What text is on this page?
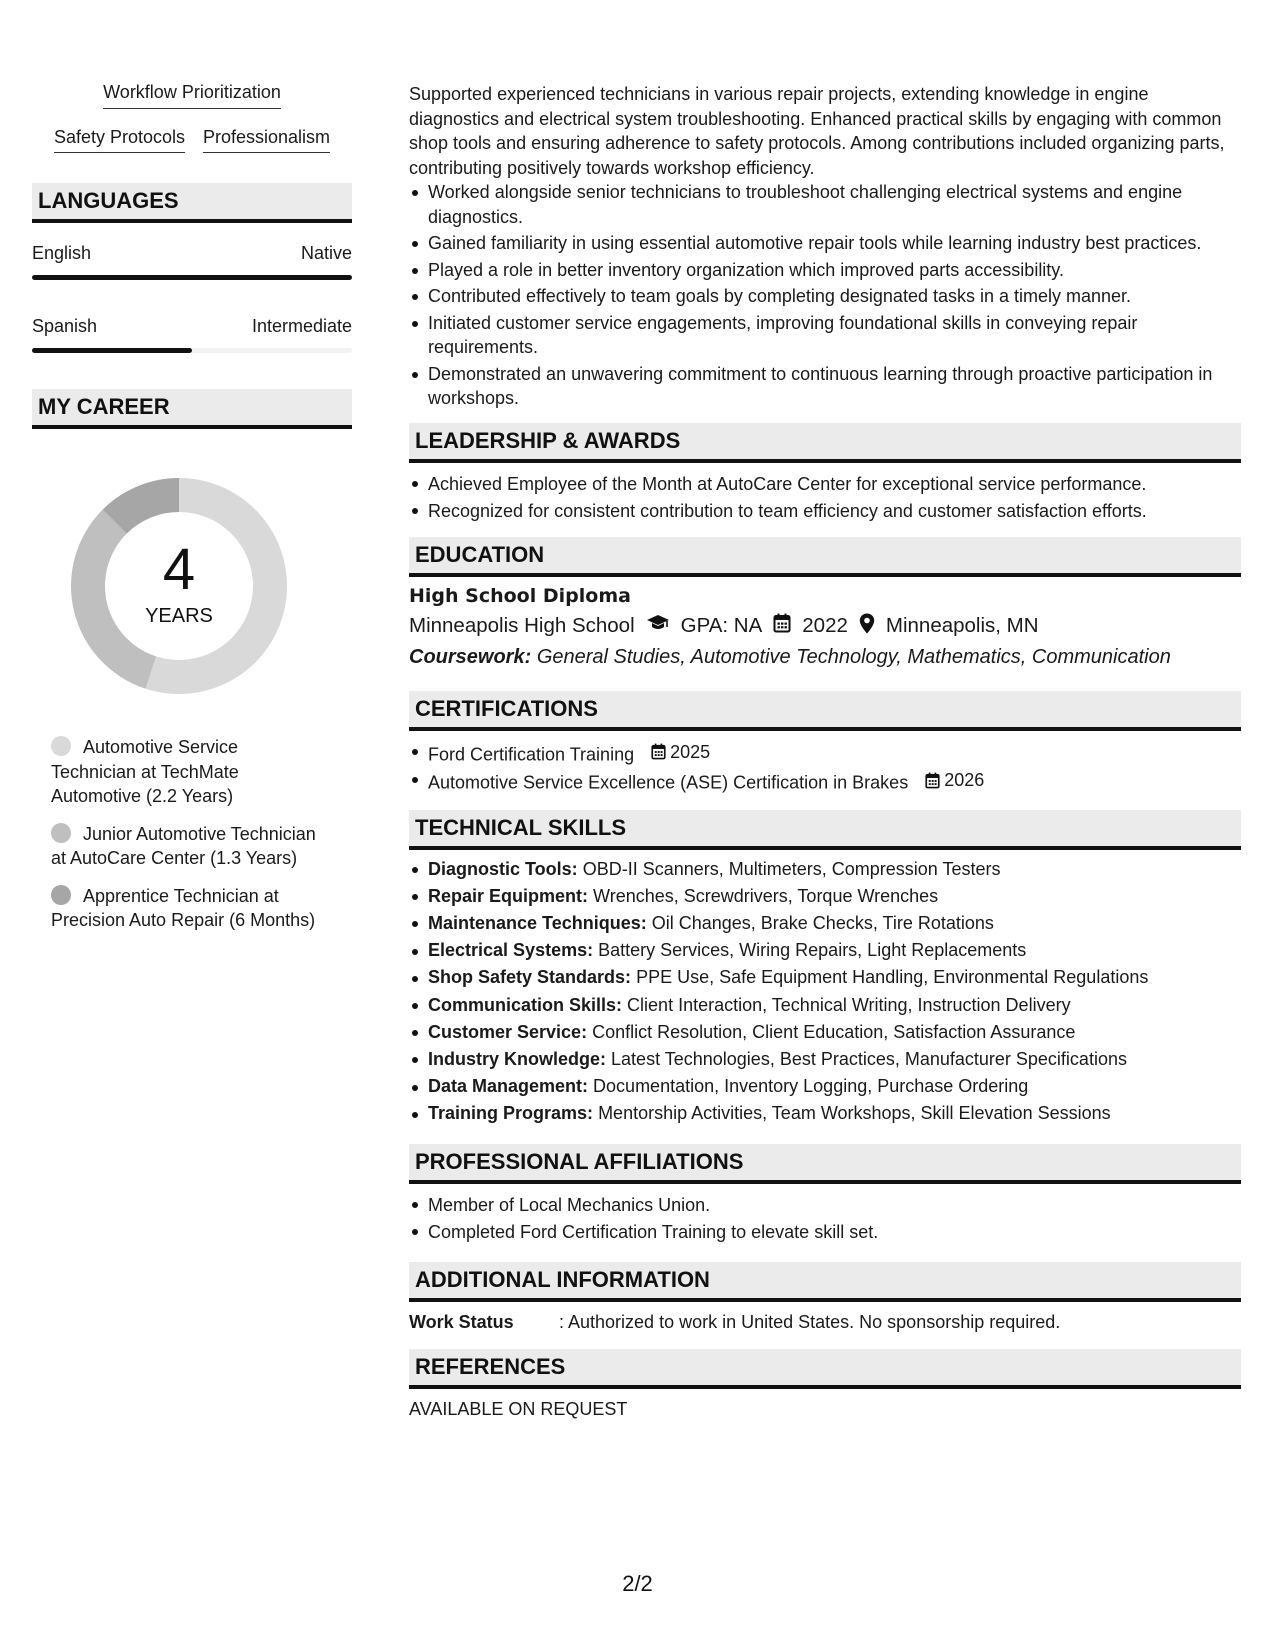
Workflow Prioritization
Safety Protocols Professionalism
LANGUAGES
English	Native
Spanish	Intermediate
MY CAREER
4
YEARS
Automotive Service Technician at TechMate Automotive (2.2 Years)
Junior Automotive Technician at AutoCare Center (1.3 Years)
Apprentice Technician at Precision Auto Repair (6 Months)

Supported experienced technicians in various repair projects, extending knowledge in engine diagnostics and electrical system troubleshooting. Enhanced practical skills by engaging with common shop tools and ensuring adherence to safety protocols. Among contributions included organizing parts, contributing positively towards workshop efficiency.

Worked alongside senior technicians to troubleshoot challenging electrical systems and engine diagnostics.
Gained familiarity in using essential automotive repair tools while learning industry best practices.
Played a role in better inventory organization which improved parts accessibility.
Contributed effectively to team goals by completing designated tasks in a timely manner.
Initiated customer service engagements, improving foundational skills in conveying repair requirements.
Demonstrated an unwavering commitment to continuous learning through proactive participation in workshops.
LEADERSHIP & AWARDS
Achieved Employee of the Month at AutoCare Center for exceptional service performance.
Recognized for consistent contribution to team efficiency and customer satisfaction efforts.
EDUCATION
High School Diploma
Minneapolis High School GPA: NA 2022 Minneapolis, MN
Coursework: General Studies, Automotive Technology, Mathematics, Communication
CERTIFICATIONS
Ford Certification Training 2025
Automotive Service Excellence (ASE) Certification in Brakes 2026
TECHNICAL SKILLS
Diagnostic Tools: OBD-II Scanners, Multimeters, Compression Testers
Repair Equipment: Wrenches, Screwdrivers, Torque Wrenches
Maintenance Techniques: Oil Changes, Brake Checks, Tire Rotations
Electrical Systems: Battery Services, Wiring Repairs, Light Replacements
Shop Safety Standards: PPE Use, Safe Equipment Handling, Environmental Regulations
Communication Skills: Client Interaction, Technical Writing, Instruction Delivery
Customer Service: Conflict Resolution, Client Education, Satisfaction Assurance
Industry Knowledge: Latest Technologies, Best Practices, Manufacturer Specifications
Data Management: Documentation, Inventory Logging, Purchase Ordering
Training Programs: Mentorship Activities, Team Workshops, Skill Elevation Sessions
PROFESSIONAL AFFILIATIONS
Member of Local Mechanics Union.
Completed Ford Certification Training to elevate skill set.
ADDITIONAL INFORMATION
Work Status	: Authorized to work in United States. No sponsorship required.
REFERENCES
AVAILABLE ON REQUEST
2/2
